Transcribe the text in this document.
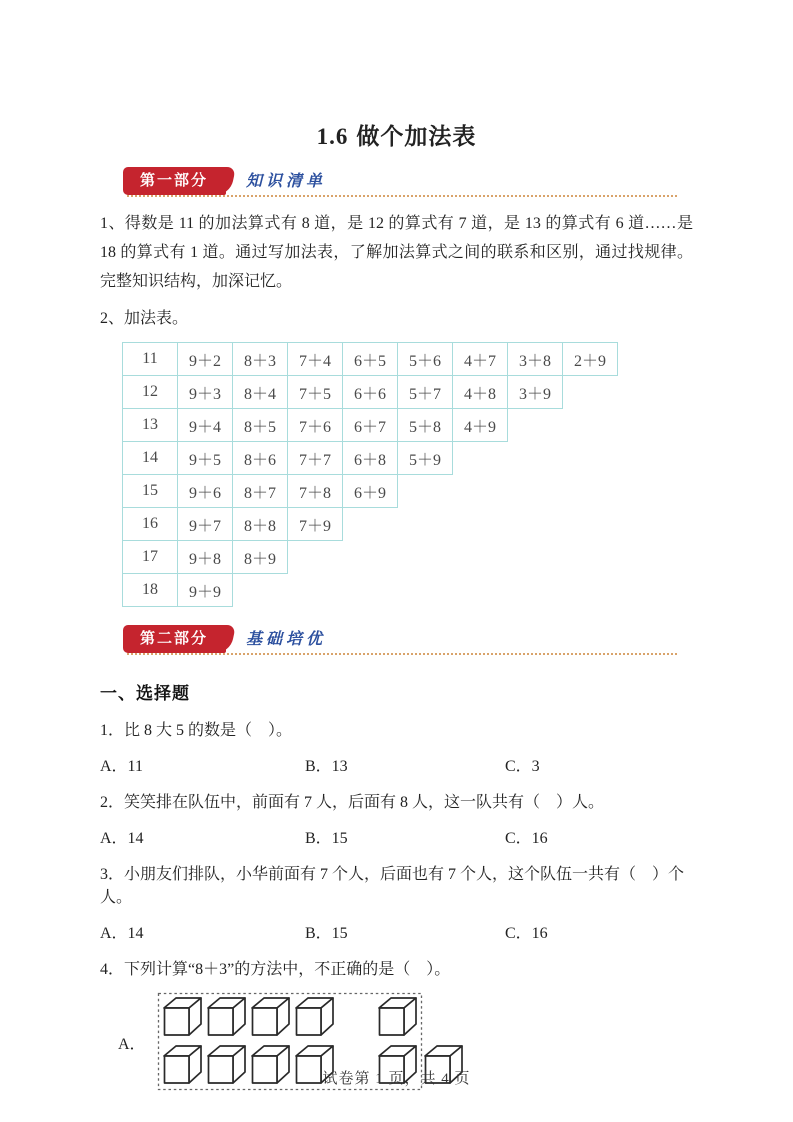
1.6 做个加法表
第一部分 知识清单

1、得数是 11 的加法算式有 8 道，是 12 的算式有 7 道，是 13 的算式有 6 道……是 18 的算式有 1 道。通过写加法表，了解加法算式之间的联系和区别，通过找规律。完整知识结构，加深记忆。

2、加法表。

11	9＋2	8＋3	7＋4	6＋5	5＋6	4＋7	3＋8	2＋9
12	9＋3	8＋4	7＋5	6＋6	5＋7	4＋8	3＋9
13	9＋4	8＋5	7＋6	6＋7	5＋8	4＋9
14	9＋5	8＋6	7＋7	6＋8	5＋9
15	9＋6	8＋7	7＋8	6＋9
16	9＋7	8＋8	7＋9
17	9＋8	8＋9
18	9＋9
第二部分 基础培优
一、选择题
1．比 8 大 5 的数是（　）。
A．11	B．13	C．3
2．笑笑排在队伍中，前面有 7 人，后面有 8 人，这一队共有（　）人。
A．14	B．15	C．16
3．小朋友们排队，小华前面有 7 个人，后面也有 7 个人，这个队伍一共有（　）个人。
A．14	B．15	C．16
4．下列计算“8＋3”的方法中，不正确的是（　）。
A．
试卷第 1 页，共 4 页
